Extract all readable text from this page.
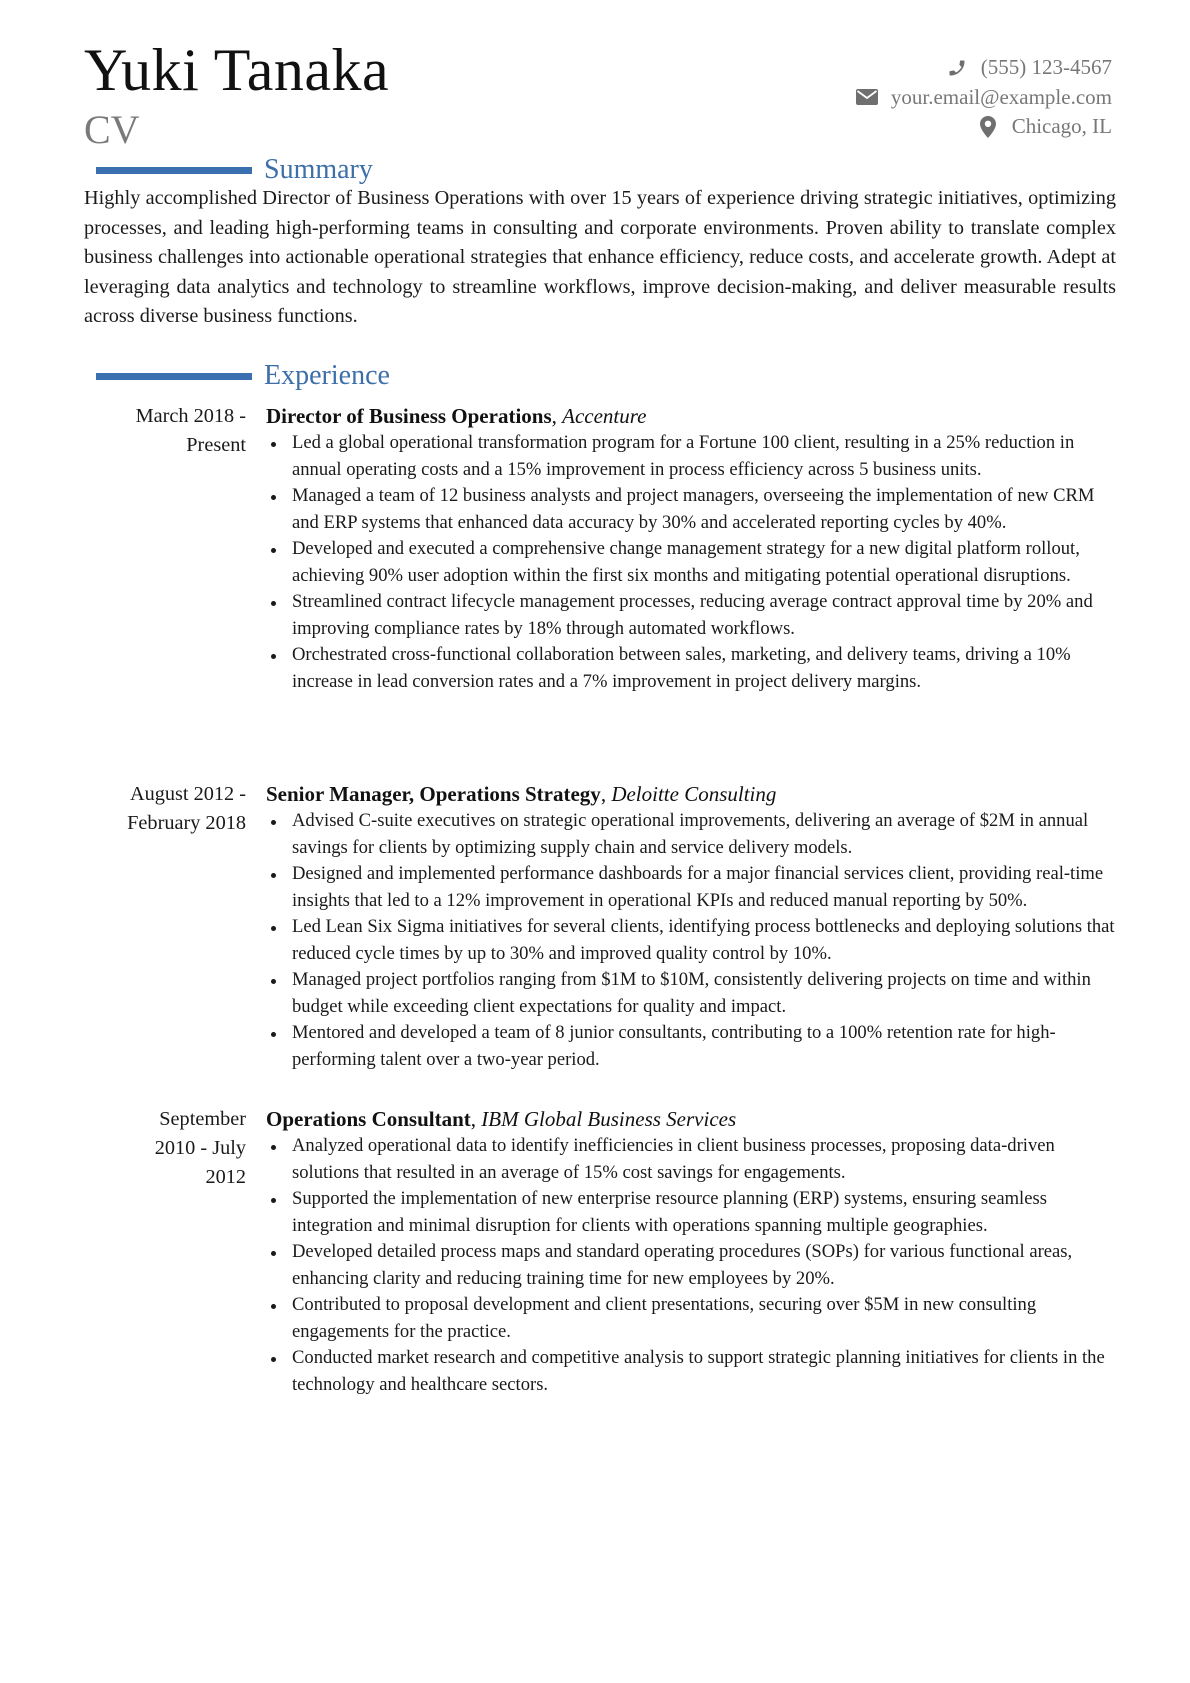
Yuki Tanaka
CV
(555) 123-4567
your.email@example.com
Chicago, IL
Summary

Highly accomplished Director of Business Operations with over 15 years of experience driving strategic initiatives, optimizing processes, and leading high-performing teams in consulting and corporate environments. Proven ability to translate complex business challenges into actionable operational strategies that enhance efficiency, reduce costs, and accelerate growth. Adept at leveraging data analytics and technology to streamline workflows, improve decision-making, and deliver measurable results across diverse business functions.

Experience
March 2018 -
Present
Director of Business Operations, Accenture
Led a global operational transformation program for a Fortune 100 client, resulting in a 25% reduction in annual operating costs and a 15% improvement in process efficiency across 5 business units.
Managed a team of 12 business analysts and project managers, overseeing the implementation of new CRM and ERP systems that enhanced data accuracy by 30% and accelerated reporting cycles by 40%.
Developed and executed a comprehensive change management strategy for a new digital platform rollout, achieving 90% user adoption within the first six months and mitigating potential operational disruptions.
Streamlined contract lifecycle management processes, reducing average contract approval time by 20% and improving compliance rates by 18% through automated workflows.
Orchestrated cross-functional collaboration between sales, marketing, and delivery teams, driving a 10% increase in lead conversion rates and a 7% improvement in project delivery margins.
August 2012 -
February 2018
Senior Manager, Operations Strategy, Deloitte Consulting
Advised C-suite executives on strategic operational improvements, delivering an average of $2M in annual savings for clients by optimizing supply chain and service delivery models.
Designed and implemented performance dashboards for a major financial services client, providing real-time insights that led to a 12% improvement in operational KPIs and reduced manual reporting by 50%.
Led Lean Six Sigma initiatives for several clients, identifying process bottlenecks and deploying solutions that reduced cycle times by up to 30% and improved quality control by 10%.
Managed project portfolios ranging from $1M to $10M, consistently delivering projects on time and within budget while exceeding client expectations for quality and impact.
Mentored and developed a team of 8 junior consultants, contributing to a 100% retention rate for high-performing talent over a two-year period.
September
2010 - July
2012
Operations Consultant, IBM Global Business Services
Analyzed operational data to identify inefficiencies in client business processes, proposing data-driven solutions that resulted in an average of 15% cost savings for engagements.
Supported the implementation of new enterprise resource planning (ERP) systems, ensuring seamless integration and minimal disruption for clients with operations spanning multiple geographies.
Developed detailed process maps and standard operating procedures (SOPs) for various functional areas, enhancing clarity and reducing training time for new employees by 20%.
Contributed to proposal development and client presentations, securing over $5M in new consulting engagements for the practice.
Conducted market research and competitive analysis to support strategic planning initiatives for clients in the technology and healthcare sectors.
